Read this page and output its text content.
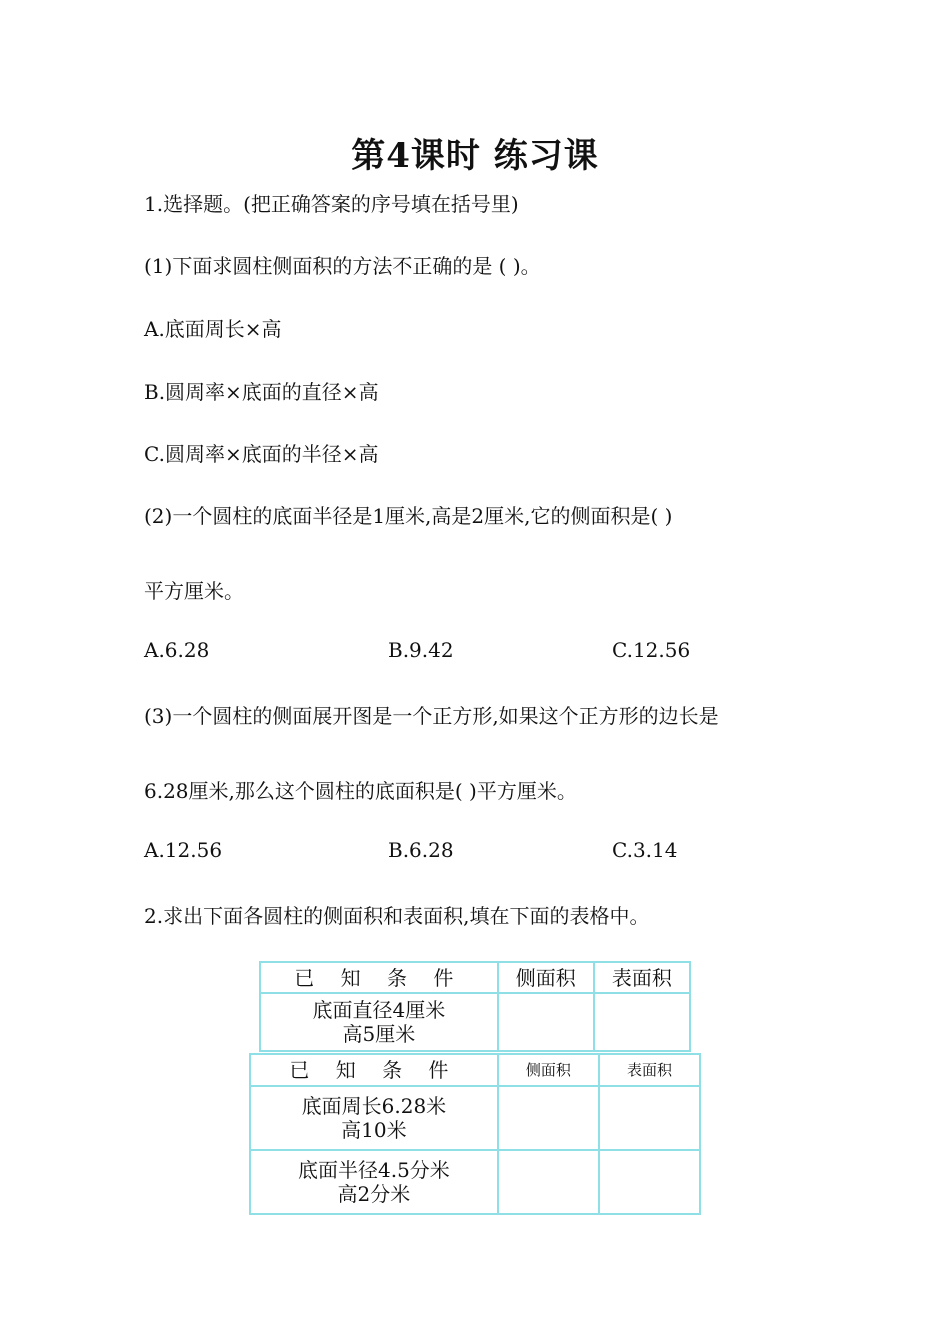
第4课时 练习课
1.选择题。(把正确答案的序号填在括号里)
(1)下面求圆柱侧面积的方法不正确的是 ( )。
A.底面周长×高
B.圆周率×底面的直径×高
C.圆周率×底面的半径×高
(2)一个圆柱的底面半径是1厘米,高是2厘米,它的侧面积是( )
平方厘米。
A.6.28	B.9.42	C.12.56
(3)一个圆柱的侧面展开图是一个正方形,如果这个正方形的边长是
6.28厘米,那么这个圆柱的底面积是( )平方厘米。
A.12.56	B.6.28	C.3.14
2.求出下面各圆柱的侧面积和表面积,填在下面的表格中。
已 知 条 件	侧面积	表面积

底面直径4厘米
高5厘米		

已 知 条 件	侧面积	表面积

底面周长6.28米
高10米		

底面半径4.5分米
高2分米		
